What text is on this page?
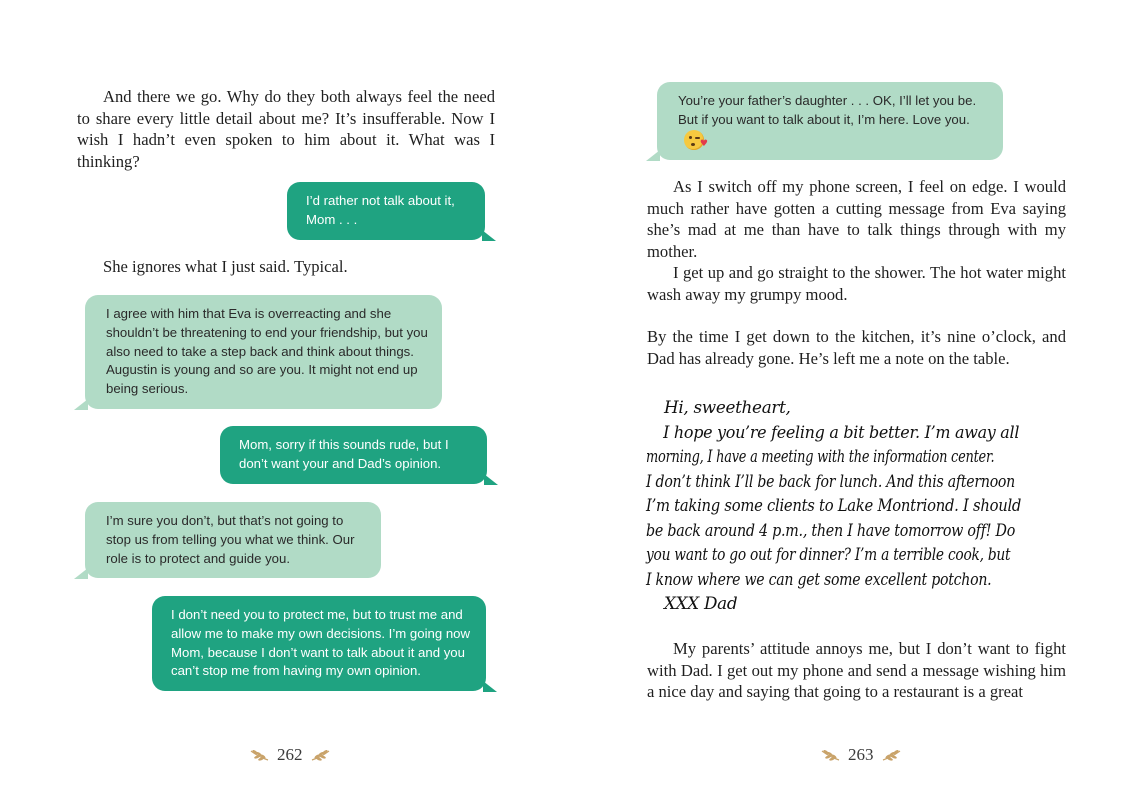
And there we go. Why do they both always feel the need to share every little detail about me? It’s insufferable. Now I wish I hadn’t even spoken to him about it. What was I thinking?

I’d rather not talk about it, Mom . . .

She ignores what I just said. Typical.

I agree with him that Eva is overreacting and she shouldn’t be threatening to end your friendship, but you also need to take a step back and think about things. Augustin is young and so are you. It might not end up being serious.
Mom, sorry if this sounds rude, but I don’t want your and Dad’s opinion.
I’m sure you don’t, but that’s not going to stop us from telling you what we think. Our role is to protect and guide you.
I don’t need you to protect me, but to trust me and allow me to make my own decisions. I’m going now Mom, because I don’t want to talk about it and you can’t stop me from having my own opinion.
262
You’re your father’s daughter . . . OK, I’ll let you be. But if you want to talk about it, I’m here. Love you.
♥

As I switch off my phone screen, I feel on edge. I would much rather have gotten a cutting message from Eva saying she’s mad at me than have to talk things through with my mother.

I get up and go straight to the shower. The hot water might wash away my grumpy mood.

By the time I get down to the kitchen, it’s nine o’clock, and Dad has already gone. He’s left me a note on the table.

Hi, sweetheart,
I hope you’re feeling a bit better. I’m away all
morning, I have a meeting with the information center.
I don’t think I’ll be back for lunch. And this afternoon
I’m taking some clients to Lake Montriond. I should
be back around 4 p.m., then I have tomorrow off! Do
you want to go out for dinner? I’m a terrible cook, but
I know where we can get some excellent potchon.
XXX Dad

My parents’ attitude annoys me, but I don’t want to fight with Dad. I get out my phone and send a message wishing him a nice day and saying that going to a restaurant is a great

263
